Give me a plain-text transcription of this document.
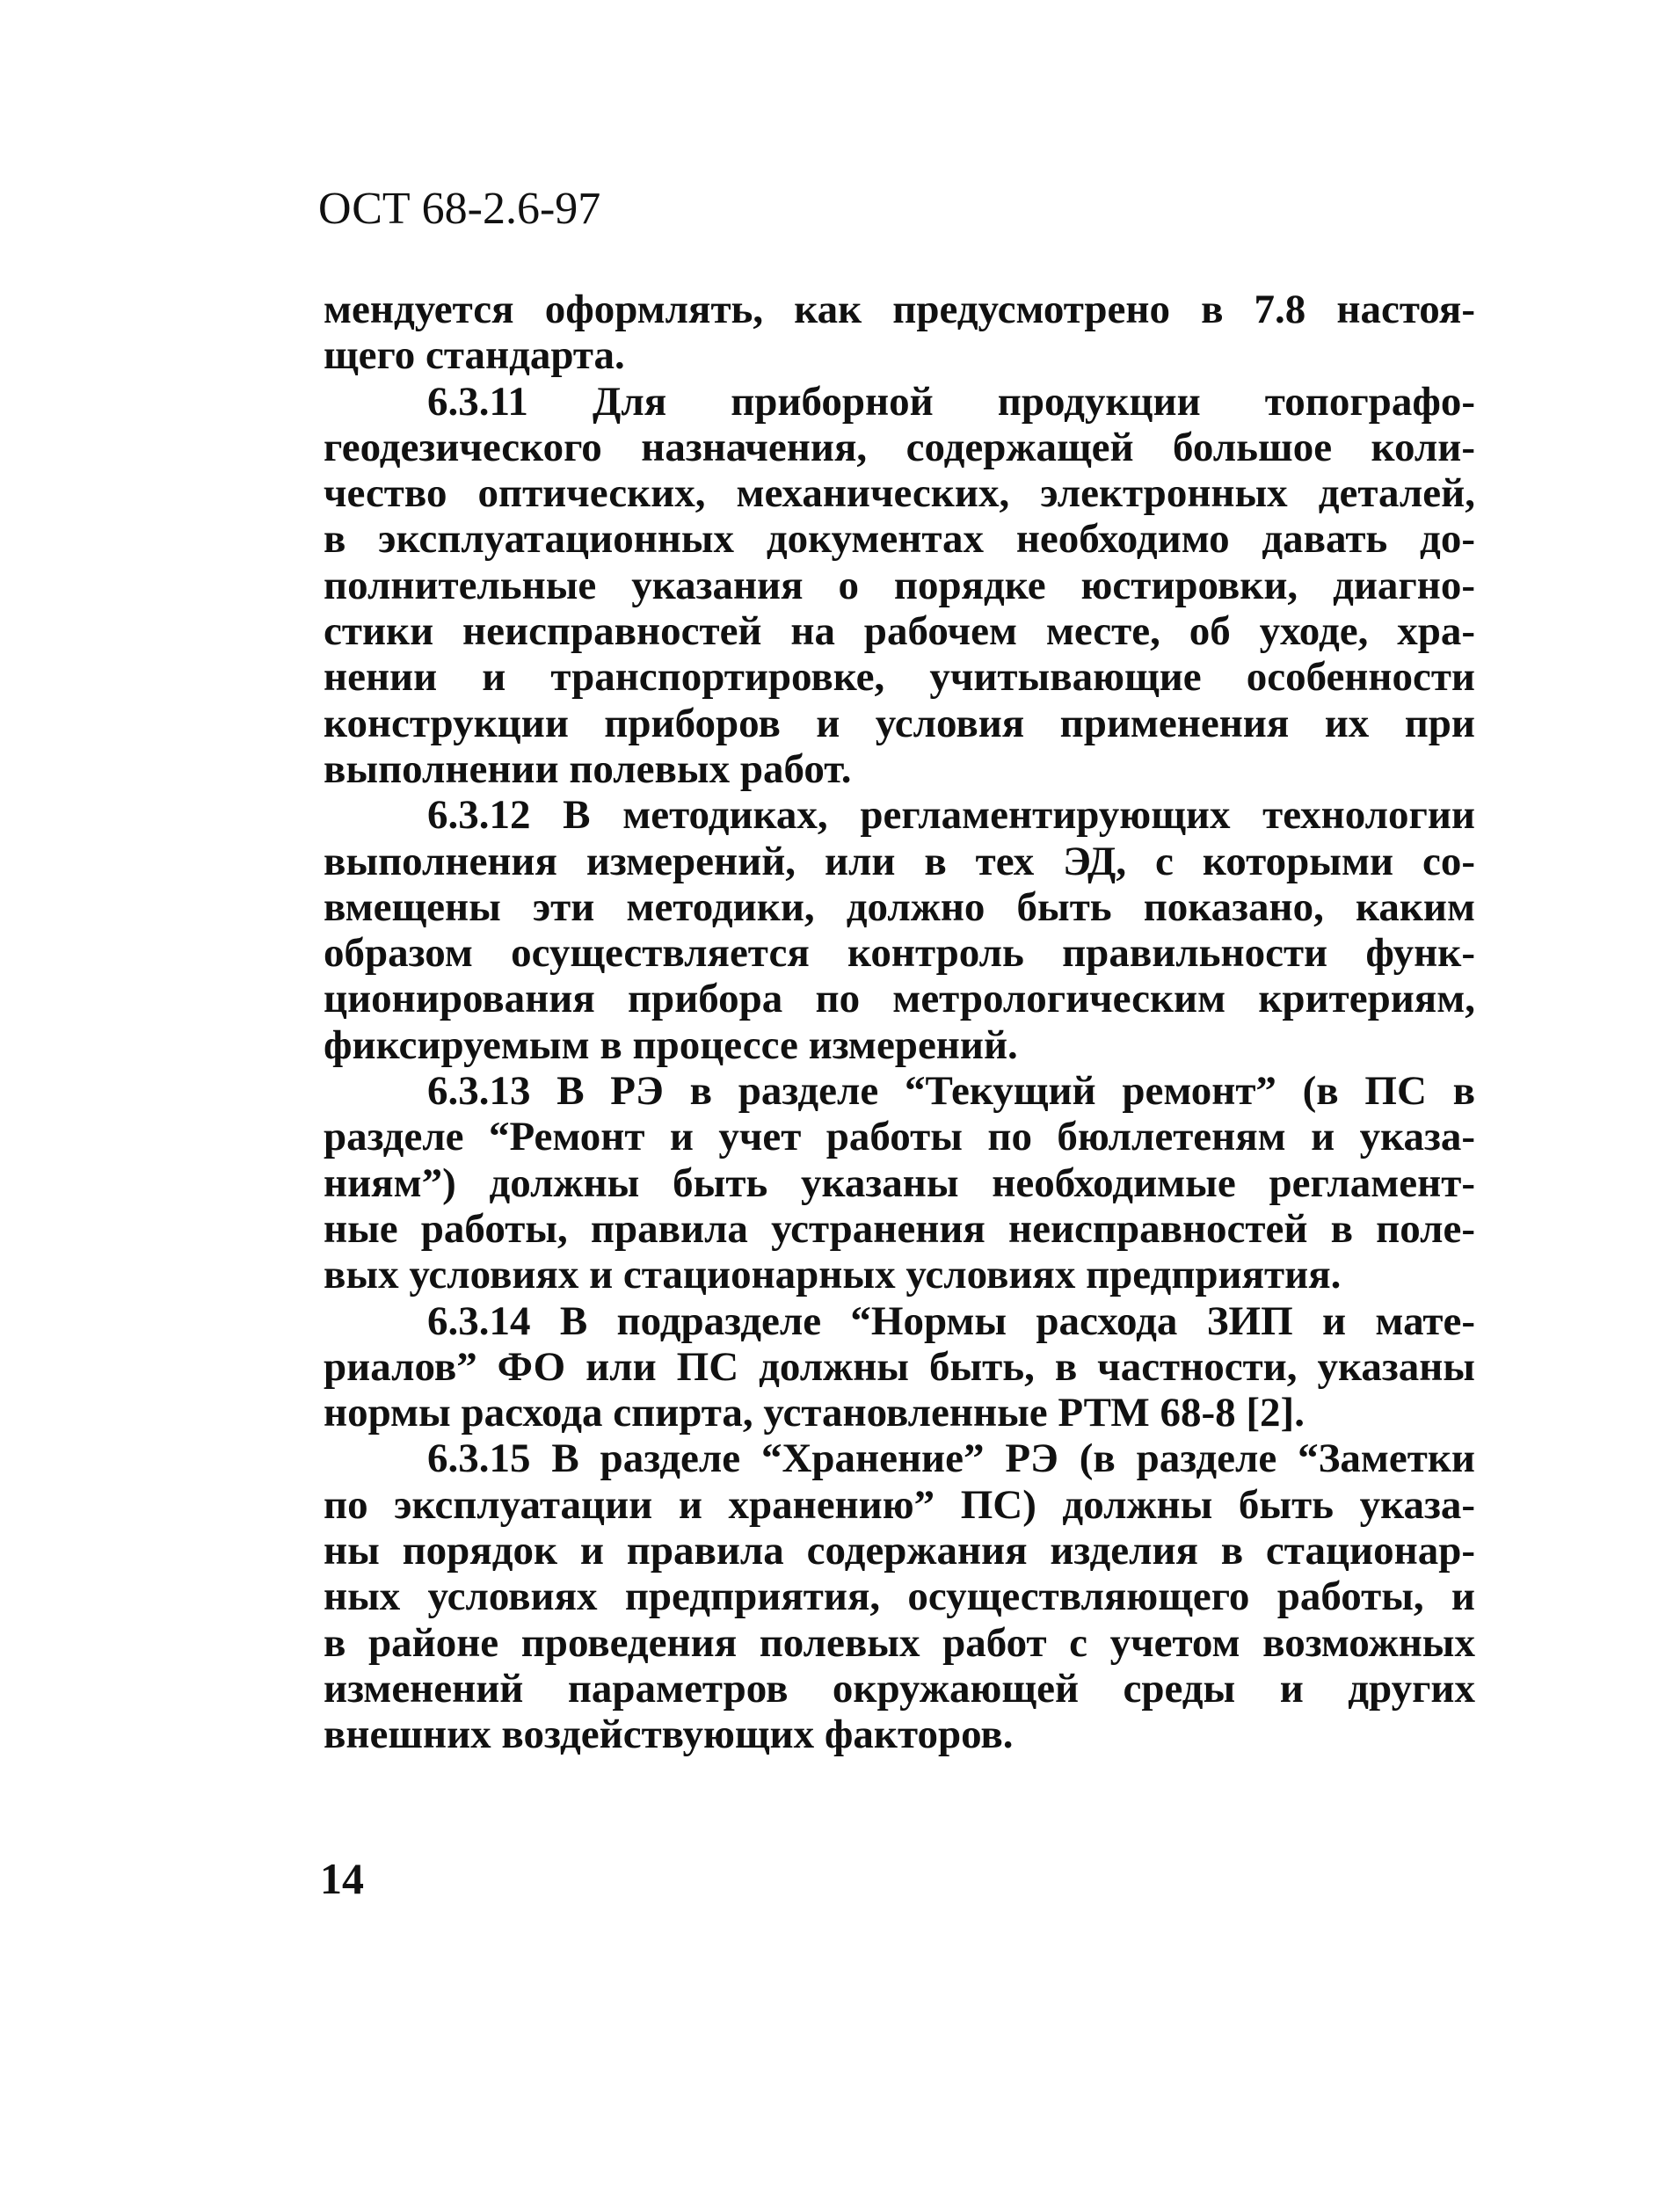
ОСТ 68-2.6-97
мендуется оформлять, как предусмотрено в 7.8 настоя-
щего стандарта.
6.3.11 Для приборной продукции топографо-
геодезического назначения, содержащей большое коли-
чество оптических, механических, электронных деталей,
в эксплуатационных документах необходимо давать до-
полнительные указания о порядке юстировки, диагно-
стики неисправностей на рабочем месте, об уходе, хра-
нении и транспортировке, учитывающие особенности
конструкции приборов и условия применения их при
выполнении полевых работ.
6.3.12 В методиках, регламентирующих технологии
выполнения измерений, или в тех ЭД, с которыми со-
вмещены эти методики, должно быть показано, каким
образом осуществляется контроль правильности функ-
ционирования прибора по метрологическим критериям,
фиксируемым в процессе измерений.
6.3.13 В РЭ в разделе “Текущий ремонт” (в ПС в
разделе “Ремонт и учет работы по бюллетеням и указа-
ниям”) должны быть указаны необходимые регламент-
ные работы, правила устранения неисправностей в поле-
вых условиях и стационарных условиях предприятия.
6.3.14 В подразделе “Нормы расхода ЗИП и мате-
риалов” ФО или ПС должны быть, в частности, указаны
нормы расхода спирта, установленные РТМ 68-8 [2].
6.3.15 В разделе “Хранение” РЭ (в разделе “Заметки
по эксплуатации и хранению” ПС) должны быть указа-
ны порядок и правила содержания изделия в стационар-
ных условиях предприятия, осуществляющего работы, и
в районе проведения полевых работ с учетом возможных
изменений параметров окружающей среды и других
внешних воздействующих факторов.
14
